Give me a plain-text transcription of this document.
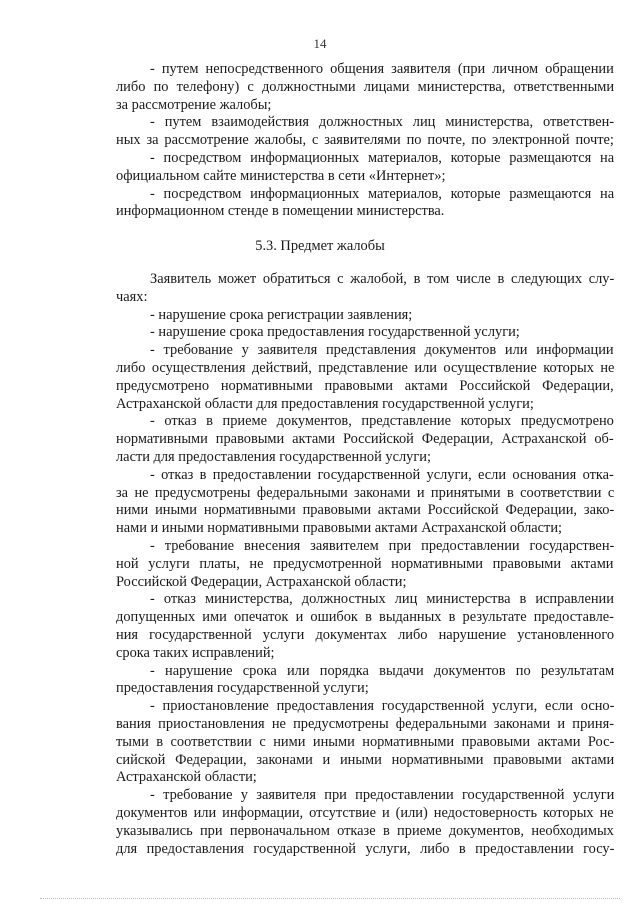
14
- путем непосредственного общения заявителя (при личном обращении
либо по телефону) с должностными лицами министерства, ответственными
за рассмотрение жалобы;
- путем взаимодействия должностных лиц министерства, ответствен-
ных за рассмотрение жалобы, с заявителями по почте, по электронной почте;
- посредством информационных материалов, которые размещаются на
официальном сайте министерства в сети «Интернет»;
- посредством информационных материалов, которые размещаются на
информационном стенде в помещении министерства.
5.3. Предмет жалобы
Заявитель может обратиться с жалобой, в том числе в следующих слу-
чаях:
- нарушение срока регистрации заявления;
- нарушение срока предоставления государственной услуги;
- требование у заявителя представления документов или информации
либо осуществления действий, представление или осуществление которых не
предусмотрено нормативными правовыми актами Российской Федерации,
Астраханской области для предоставления государственной услуги;
- отказ в приеме документов, представление которых предусмотрено
нормативными правовыми актами Российской Федерации, Астраханской об-
ласти для предоставления государственной услуги;
- отказ в предоставлении государственной услуги, если основания отка-
за не предусмотрены федеральными законами и принятыми в соответствии с
ними иными нормативными правовыми актами Российской Федерации, зако-
нами и иными нормативными правовыми актами Астраханской области;
- требование внесения заявителем при предоставлении государствен-
ной услуги платы, не предусмотренной нормативными правовыми актами
Российской Федерации, Астраханской области;
- отказ министерства, должностных лиц министерства в исправлении
допущенных ими опечаток и ошибок в выданных в результате предоставле-
ния государственной услуги документах либо нарушение установленного
срока таких исправлений;
- нарушение срока или порядка выдачи документов по результатам
предоставления государственной услуги;
- приостановление предоставления государственной услуги, если осно-
вания приостановления не предусмотрены федеральными законами и приня-
тыми в соответствии с ними иными нормативными правовыми актами Рос-
сийской Федерации, законами и иными нормативными правовыми актами
Астраханской области;
- требование у заявителя при предоставлении государственной услуги
документов или информации, отсутствие и (или) недостоверность которых не
указывались при первоначальном отказе в приеме документов, необходимых
для предоставления государственной услуги, либо в предоставлении госу-
